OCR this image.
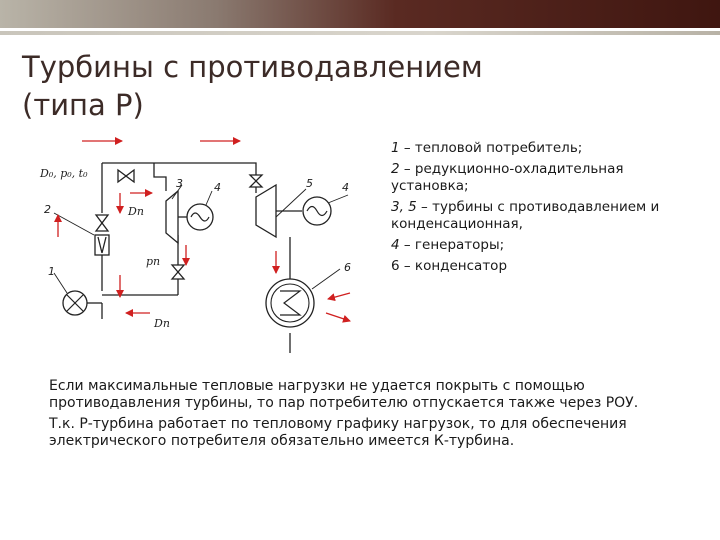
Турбины с противодавлением
(типа Р)
D₀, p₀, t₀
Dп
pп
Dп
1
2
3	4	5	4
6

1 – тепловой потребитель;

2 – редукционно-охладительная установка;

3, 5 – турбины с противодавлением и конденсационная,

4 – генераторы;

6 – конденсатор

Если максимальные тепловые нагрузки не удается покрыть с помощью противодавления турбины, то пар потребителю отпускается также через РОУ.

Т.к. Р-турбина работает по тепловому графику нагрузок, то для обеспечения электрического потребителя обязательно имеется К-турбина.
